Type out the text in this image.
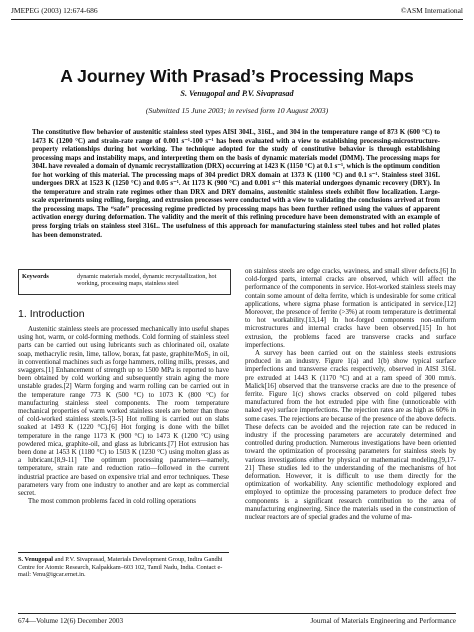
JMEPEG (2003) 12:674-686	©ASM International
A Journey With Prasad’s Processing Maps
S. Venugopal and P.V. Sivaprasad
(Submitted 15 June 2003; in revised form 10 August 2003)

The constitutive flow behavior of austenitic stainless steel types AISI 304L, 316L, and 304 in the temperature range of 873 K (600 °C) to 1473 K (1200 °C) and strain-rate range of 0.001 s⁻¹-100 s⁻¹ has been evaluated with a view to establishing processing-microstructure-property relationships during hot working. The technique adopted for the study of constitutive behavior is through establishing processing maps and instability maps, and interpreting them on the basis of dynamic materials model (DMM). The processing maps for 304L have revealed a domain of dynamic recrystallization (DRX) occurring at 1423 K (1150 °C) at 0.1 s⁻¹, which is the optimum condition for hot working of this material. The processing maps of 304 predict DRX domain at 1373 K (1100 °C) and 0.1 s⁻¹. Stainless steel 316L undergoes DRX at 1523 K (1250 °C) and 0.05 s⁻¹. At 1173 K (900 °C) and 0.001 s⁻¹ this material undergoes dynamic recovery (DRY). In the temperature and strain rate regimes other than DRX and DRY domains, austenitic stainless steels exhibit flow localization. Large-scale experiments using rolling, forging, and extrusion processes were conducted with a view to validating the conclusions arrived at from the processing maps. The “safe” processing regime predicted by processing maps has been further refined using the values of apparent activation energy during deformation. The validity and the merit of this refining procedure have been demonstrated with an example of press forging trials on stainless steel 316L. The usefulness of this approach for manufacturing stainless steel tubes and hot rolled plates has been demonstrated.

Keywords	dynamic materials model, dynamic recrystallization, hot working, processing maps, stainless steel
1. Introduction

Austenitic stainless steels are processed mechanically into useful shapes using hot, warm, or cold-forming methods. Cold forming of stainless steel parts can be carried out using lubricants such as chlorinated oil, oxalate soap, methacrylic resin, lime, tallow, borax, fat paste, graphite/MoS₂ in oil, in conventional machines such as forge hammers, rolling mills, presses, and swaggers.[1] Enhancement of strength up to 1500 MPa is reported to have been obtained by cold working and subsequently strain aging the more unstable grades.[2] Warm forging and warm rolling can be carried out in the temperature range 773 K (500 °C) to 1073 K (800 °C) for manufacturing stainless steel components. The room temperature mechanical properties of warm worked stainless steels are better than those of cold-worked stainless steels.[3-5] Hot rolling is carried out on slabs soaked at 1493 K (1220 °C).[6] Hot forging is done with the billet temperature in the range 1173 K (900 °C) to 1473 K (1200 °C) using powdered mica, graphite-oil, and glass as lubricants.[7] Hot extrusion has been done at 1453 K (1180 °C) to 1503 K (1230 °C) using molten glass as a lubricant.[8,9-11] The optimum processing parameters—namely, temperature, strain rate and reduction ratio—followed in the current industrial practice are based on expensive trial and error techniques. These parameters vary from one industry to another and are kept as commercial secret.

The most common problems faced in cold rolling operations

S. Venugopal and P.V. Sivaprasad, Materials Development Group, Indira Gandhi Centre for Atomic Research, Kalpakkam–603 102, Tamil Nadu, India. Contact e-mail: Venu@igcar.ernet.in.

on stainless steels are edge cracks, waviness, and small sliver defects.[6] In cold-forged parts, internal cracks are observed, which will affect the performance of the components in service. Hot-worked stainless steels may contain some amount of delta ferrite, which is undesirable for some critical applications, where sigma phase formation is anticipated in service.[12] Moreover, the presence of ferrite (>3%) at room temperature is detrimental to hot workability.[13,14] In hot-forged components non-uniform microstructures and internal cracks have been observed.[15] In hot extrusion, the problems faced are transverse cracks and surface imperfections.

A survey has been carried out on the stainless steels extrusions produced in an industry. Figure 1(a) and 1(b) show typical surface imperfections and transverse cracks respectively, observed in AISI 316L pre extruded at 1443 K (1170 °C) and at a ram speed of 300 mm/s. Malick[16] observed that the transverse cracks are due to the presence of ferrite. Figure 1(c) shows cracks observed on cold pilgered tubes manufactured from the hot extruded pipe with fine (unnoticeable with naked eye) surface imperfections. The rejection rates are as high as 60% in some cases. The rejections are because of the presence of the above defects. These defects can be avoided and the rejection rate can be reduced in industry if the processing parameters are accurately determined and controlled during production. Numerous investigations have been oriented toward the optimization of processing parameters for stainless steels by various investigations either by physical or mathematical modeling.[9,17-21] These studies led to the understanding of the mechanisms of hot deformation. However, it is difficult to use them directly for the optimization of workability. Any scientific methodology explored and employed to optimize the processing parameters to produce defect free components is a significant research contribution to the area of manufacturing engineering. Since the materials used in the construction of nuclear reactors are of special grades and the volume of ma-

674—Volume 12(6) December 2003	Journal of Materials Engineering and Performance
